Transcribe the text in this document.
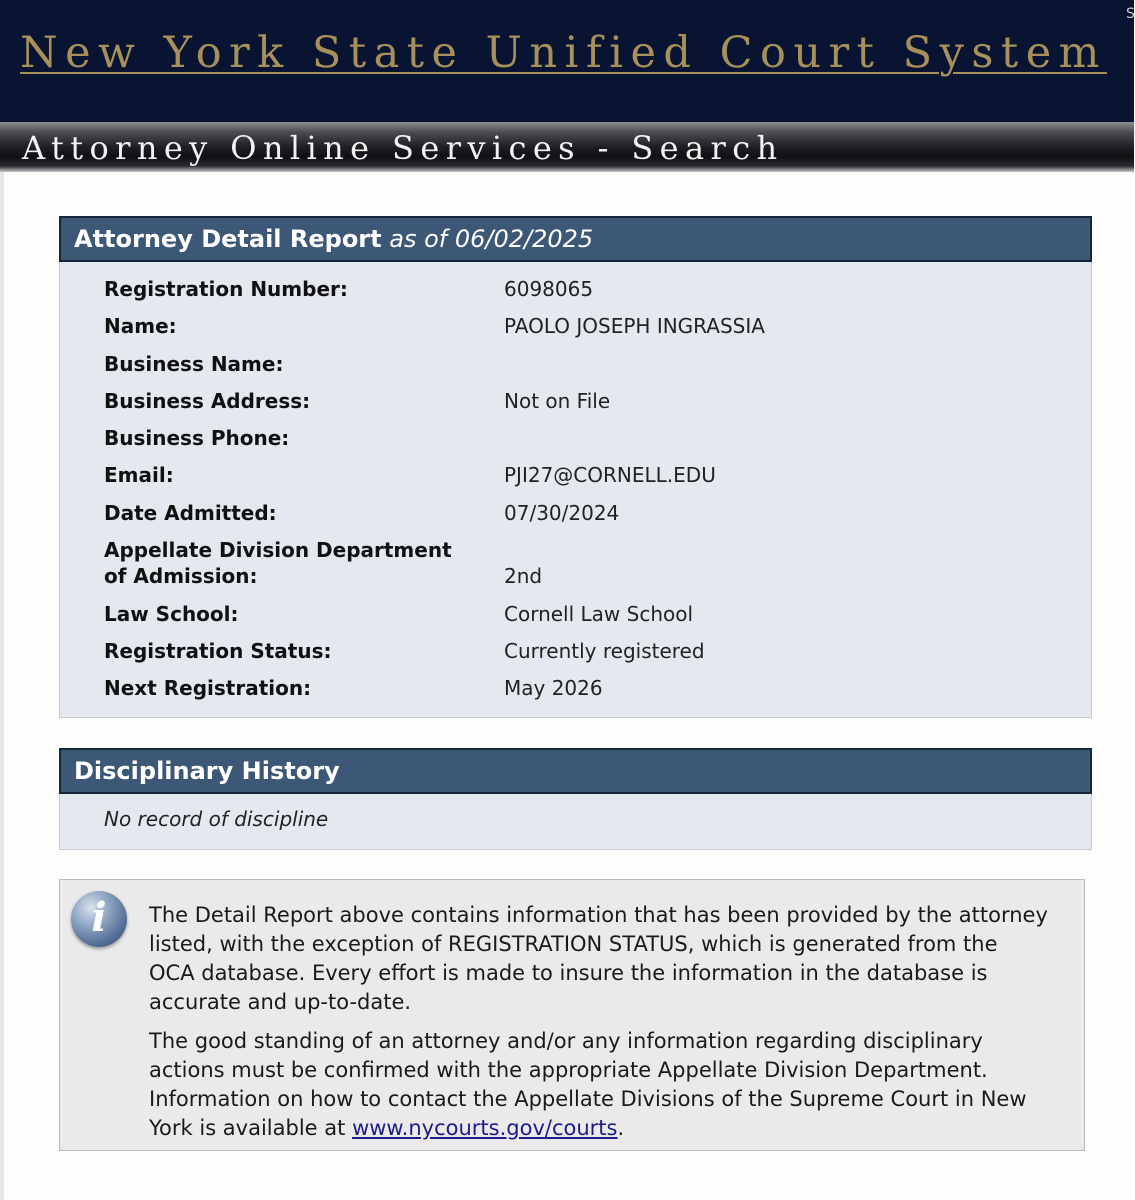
New York State Unified Court System
S
Attorney Online Services - Search
Attorney Detail Report as of 06/02/2025
Registration Number:	6098065
Name:	PAOLO JOSEPH INGRASSIA
Business Name:
Business Address:	Not on File
Business Phone:
Email:	PJI27@CORNELL.EDU
Date Admitted:	07/30/2024
Appellate Division Department
of Admission:	2nd
Law School:	Cornell Law School
Registration Status:	Currently registered
Next Registration:	May 2026
Disciplinary History
No record of discipline
i	The Detail Report above contains information that has been provided by the attorney listed, with the exception of REGISTRATION STATUS, which is generated from the OCA database. Every effort is made to insure the information in the database is accurate and up-to-date.

The good standing of an attorney and/or any information regarding disciplinary actions must be confirmed with the appropriate Appellate Division Department. Information on how to contact the Appellate Divisions of the Supreme Court in New York is available at www.nycourts.gov/courts.
